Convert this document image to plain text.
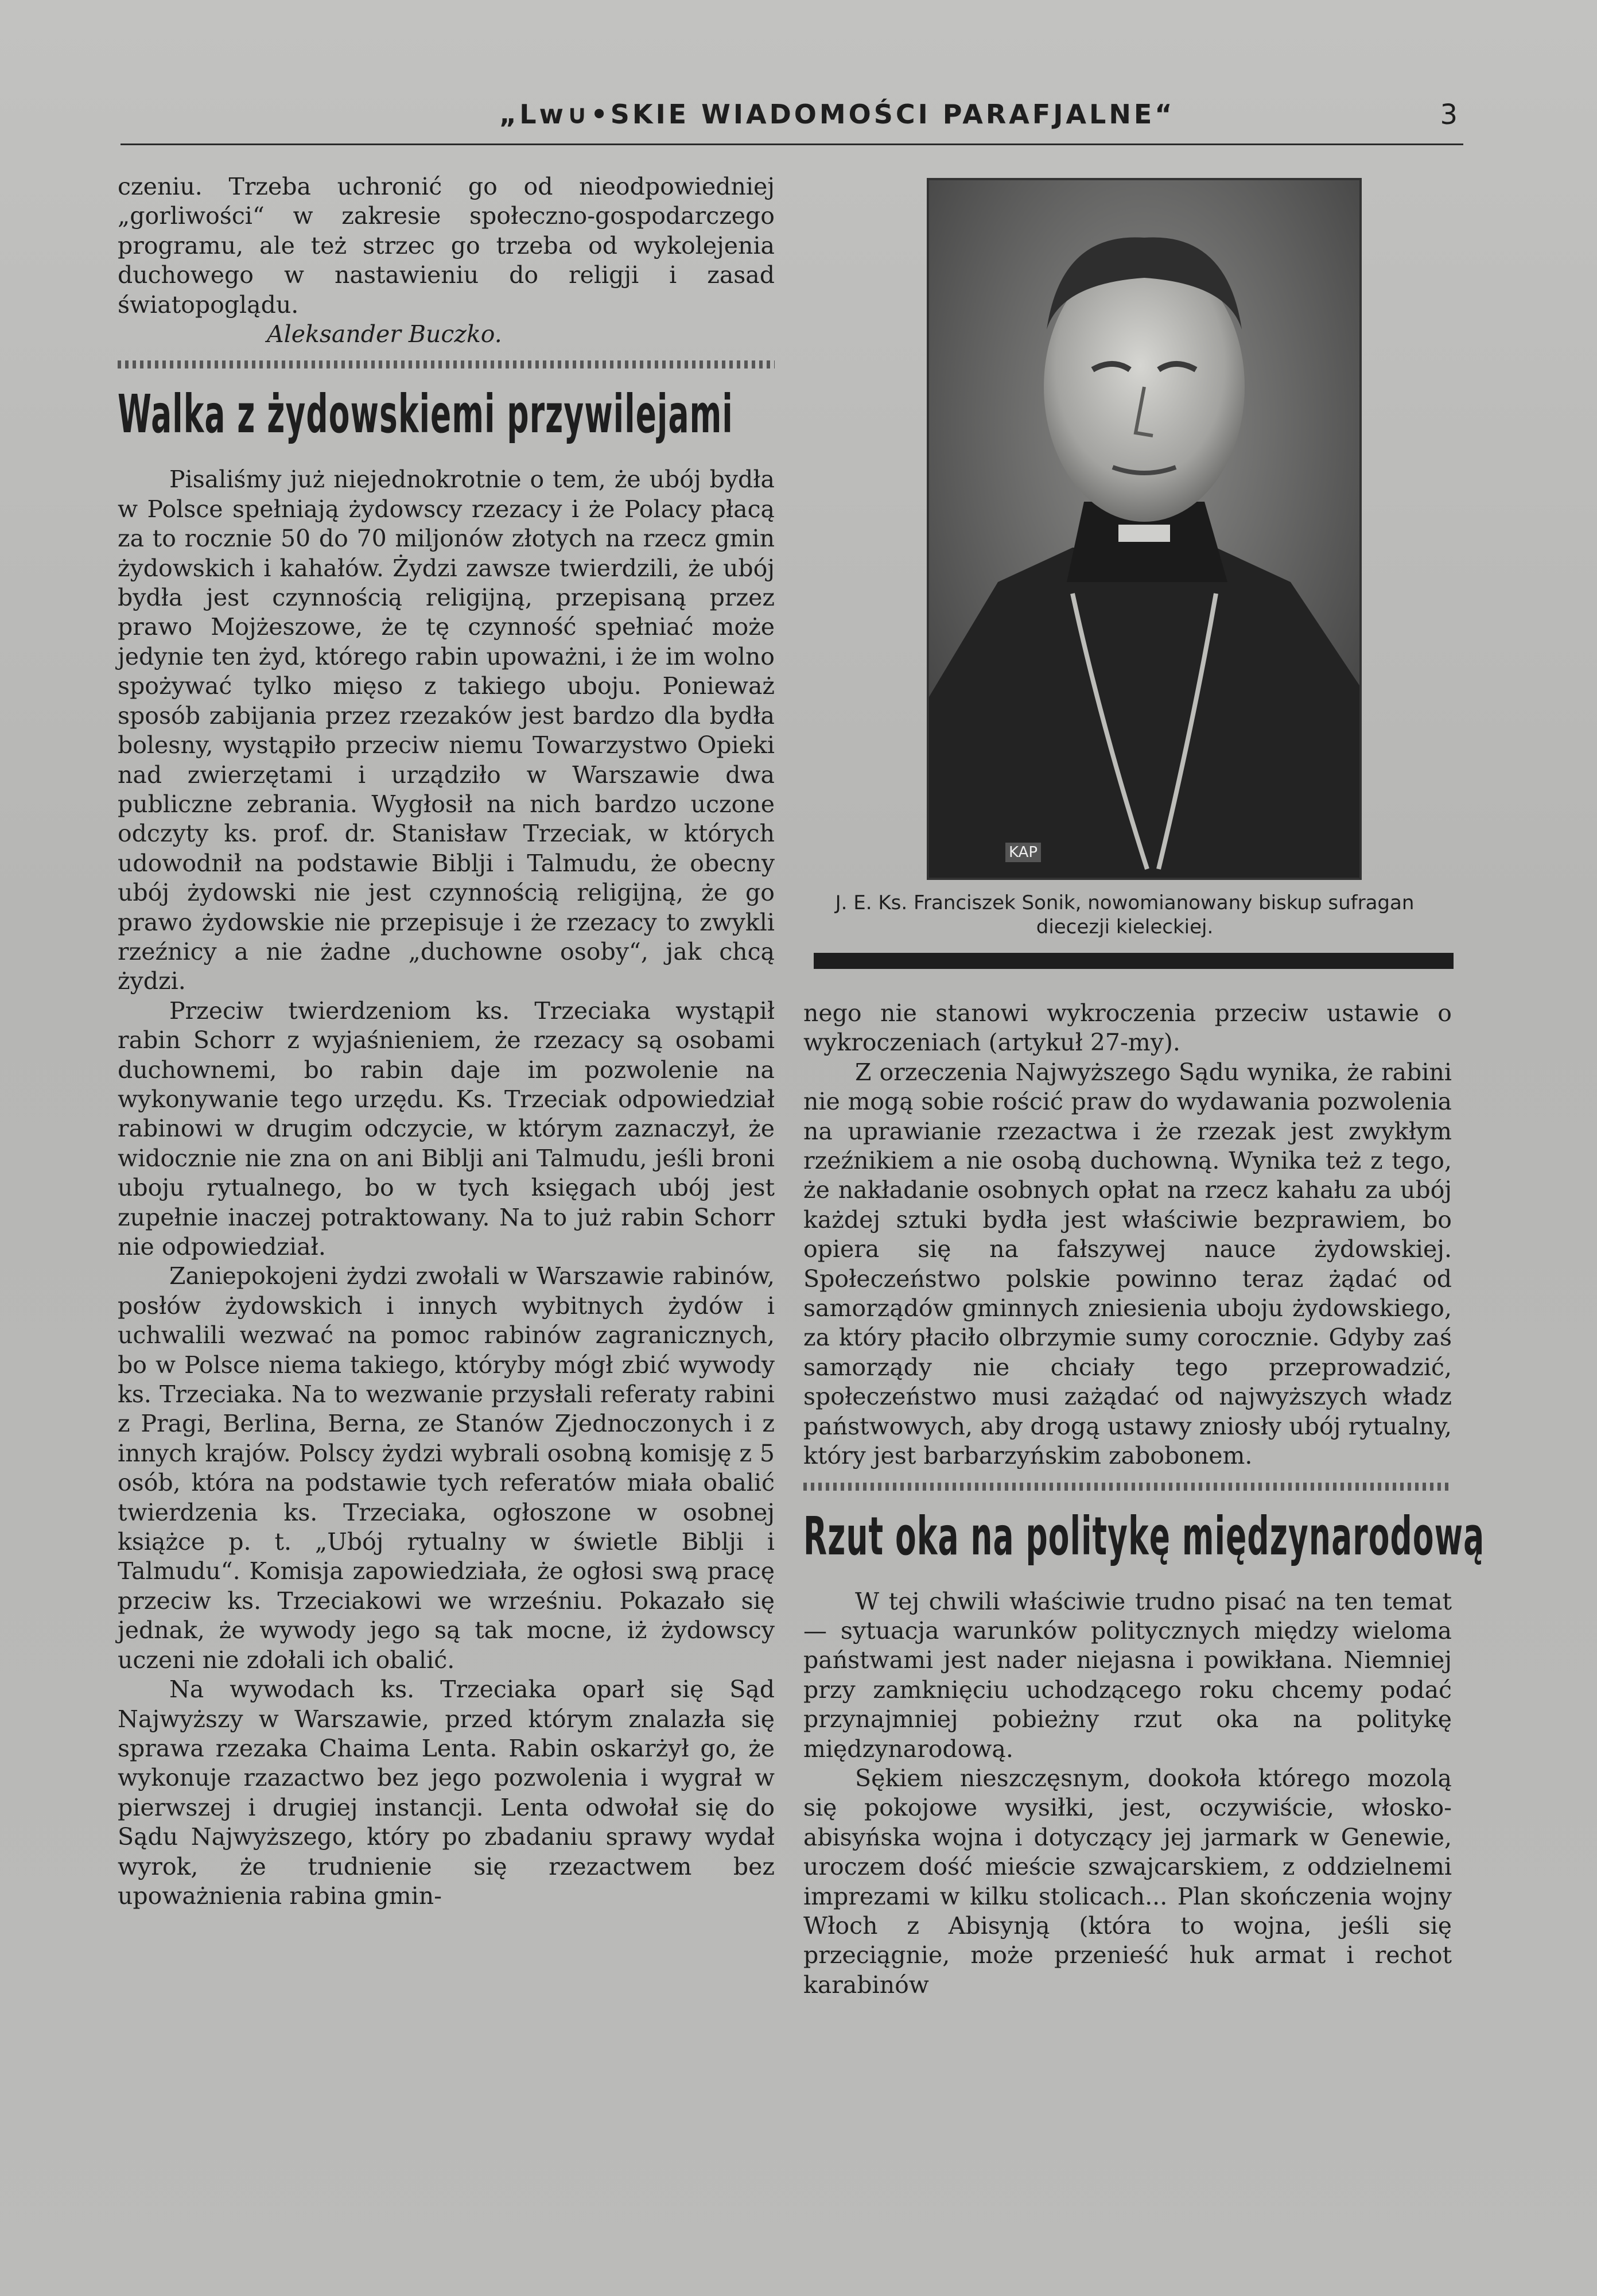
„Lw∪•SKIE WIADOMOŚCI PARAFJALNE“	3

czeniu. Trzeba uchronić go od nieodpowiedniej „gorliwości“ w zakresie społeczno-gospodarczego programu, ale też strzec go trzeba od wykolejenia duchowego w nastawieniu do religji i zasad światopoglądu.

Aleksander Buczko.

Walka z żydowskiemi przywilejami

Pisaliśmy już niejednokrotnie o tem, że ubój bydła w Polsce spełniają żydowscy rzezacy i że Polacy płacą za to rocznie 50 do 70 miljonów złotych na rzecz gmin żydowskich i kahałów. Żydzi zawsze twierdzili, że ubój bydła jest czynnością religijną, przepisaną przez prawo Mojżeszowe, że tę czynność spełniać może jedynie ten żyd, którego rabin upoważni, i że im wolno spożywać tylko mięso z takiego uboju. Ponieważ sposób zabijania przez rzezaków jest bardzo dla bydła bolesny, wystąpiło przeciw niemu Towarzystwo Opieki nad zwierzętami i urządziło w Warszawie dwa publiczne zebrania. Wygłosił na nich bardzo uczone odczyty ks. prof. dr. Stanisław Trzeciak, w których udowodnił na podstawie Biblji i Talmudu, że obecny ubój żydowski nie jest czynnością religijną, że go prawo żydowskie nie przepisuje i że rzezacy to zwykli rzeźnicy a nie żadne „duchowne osoby“, jak chcą żydzi.

Przeciw twierdzeniom ks. Trzeciaka wystąpił rabin Schorr z wyjaśnieniem, że rzezacy są osobami duchownemi, bo rabin daje im pozwolenie na wykonywanie tego urzędu. Ks. Trzeciak odpowiedział rabinowi w drugim odczycie, w którym zaznaczył, że widocznie nie zna on ani Biblji ani Talmudu, jeśli broni uboju rytualnego, bo w tych księgach ubój jest zupełnie inaczej potraktowany. Na to już rabin Schorr nie odpowiedział.

Zaniepokojeni żydzi zwołali w Warszawie rabinów, posłów żydowskich i innych wybitnych żydów i uchwalili wezwać na pomoc rabinów zagranicznych, bo w Polsce niema takiego, któryby mógł zbić wywody ks. Trzeciaka. Na to wezwanie przysłali referaty rabini z Pragi, Berlina, Berna, ze Stanów Zjednoczonych i z innych krajów. Polscy żydzi wybrali osobną komisję z 5 osób, która na podstawie tych referatów miała obalić twierdzenia ks. Trzeciaka, ogłoszone w osobnej książce p. t. „Ubój rytualny w świetle Biblji i Talmudu“. Komisja zapowiedziała, że ogłosi swą pracę przeciw ks. Trzeciakowi we wrześniu. Pokazało się jednak, że wywody jego są tak mocne, iż żydowscy uczeni nie zdołali ich obalić.

Na wywodach ks. Trzeciaka oparł się Sąd Najwyższy w Warszawie, przed którym znalazła się sprawa rzezaka Chaima Lenta. Rabin oskarżył go, że wykonuje rzazactwo bez jego pozwolenia i wygrał w pierwszej i drugiej instancji. Lenta odwołał się do Sądu Najwyższego, który po zbadaniu sprawy wydał wyrok, że trudnienie się rzezactwem bez upoważnienia rabina gmin-

KAP
J. E. Ks. Franciszek Sonik, nowomianowany biskup sufragan diecezji kieleckiej.

nego nie stanowi wykroczenia przeciw ustawie o wykroczeniach (artykuł 27-my).

Z orzeczenia Najwyższego Sądu wynika, że rabini nie mogą sobie rościć praw do wydawania pozwolenia na uprawianie rzezactwa i że rzezak jest zwykłym rzeźnikiem a nie osobą duchowną. Wynika też z tego, że nakładanie osobnych opłat na rzecz kahału za ubój każdej sztuki bydła jest właściwie bezprawiem, bo opiera się na fałszywej nauce żydowskiej. Społeczeństwo polskie powinno teraz żądać od samorządów gminnych zniesienia uboju żydowskiego, za który płaciło olbrzymie sumy corocznie. Gdyby zaś samorządy nie chciały tego przeprowadzić, społeczeństwo musi zażądać od najwyższych władz państwowych, aby drogą ustawy zniosły ubój rytualny, który jest barbarzyńskim zabobonem.

Rzut oka na politykę międzynarodową

W tej chwili właściwie trudno pisać na ten temat — sytuacja warunków politycznych między wieloma państwami jest nader niejasna i powikłana. Niemniej przy zamknięciu uchodzącego roku chcemy podać przynajmniej pobieżny rzut oka na politykę międzynarodową.

Sękiem nieszczęsnym, dookoła którego mozolą się pokojowe wysiłki, jest, oczywiście, włosko-abisyńska wojna i dotyczący jej jarmark w Genewie, uroczem dość mieście szwajcarskiem, z oddzielnemi imprezami w kilku stolicach... Plan skończenia wojny Włoch z Abisynją (która to wojna, jeśli się przeciągnie, może przenieść huk armat i rechot karabinów
